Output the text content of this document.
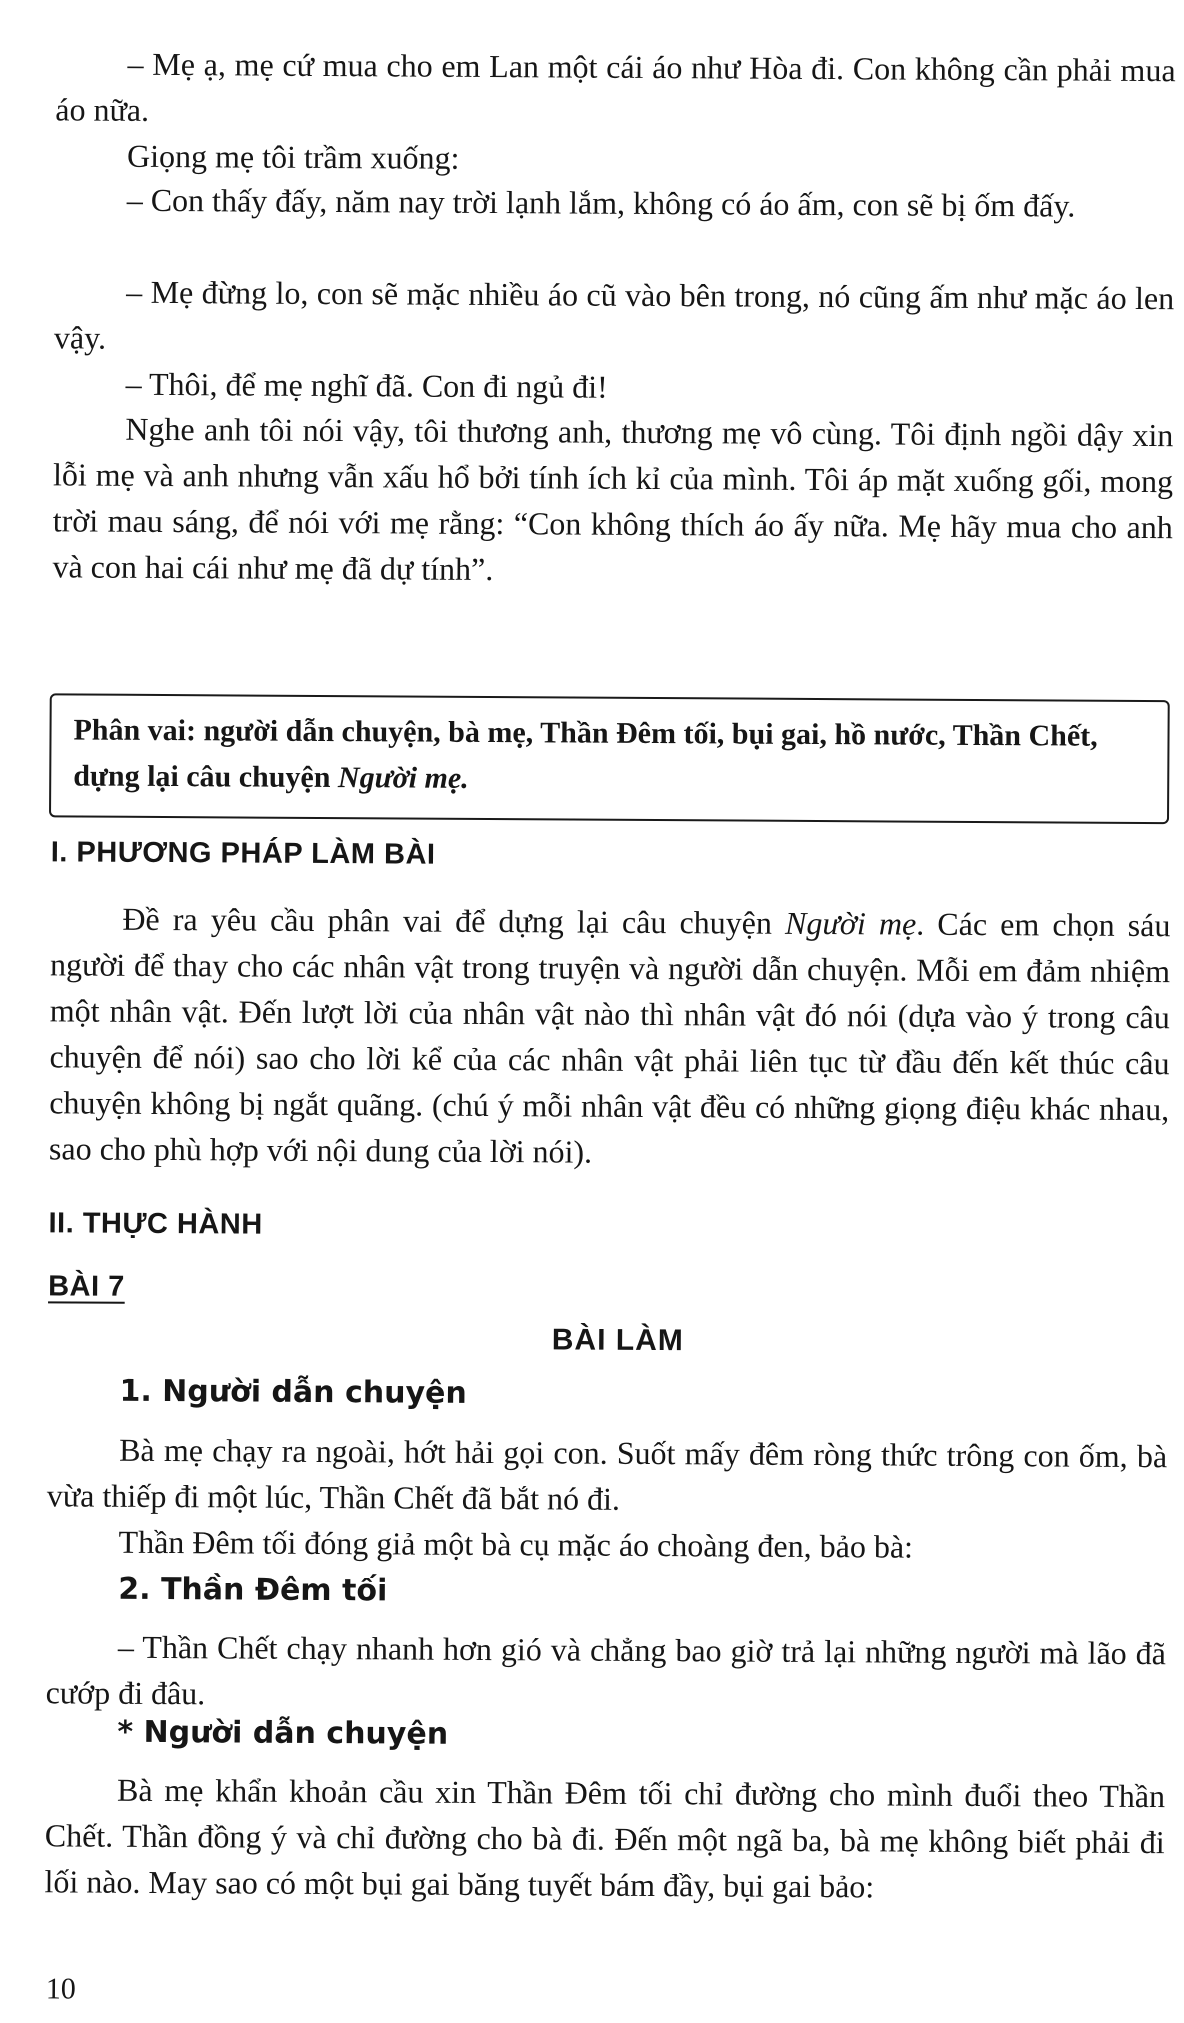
– Mẹ ạ, mẹ cứ mua cho em Lan một cái áo như Hòa đi. Con không cần phải mua áo nữa.

Giọng mẹ tôi trầm xuống:

– Con thấy đấy, năm nay trời lạnh lắm, không có áo ấm, con sẽ bị ốm đấy.

– Mẹ đừng lo, con sẽ mặc nhiều áo cũ vào bên trong, nó cũng ấm như mặc áo len vậy.

– Thôi, để mẹ nghĩ đã. Con đi ngủ đi!

Nghe anh tôi nói vậy, tôi thương anh, thương mẹ vô cùng. Tôi định ngồi dậy xin lỗi mẹ và anh nhưng vẫn xấu hổ bởi tính ích kỉ của mình. Tôi áp mặt xuống gối, mong trời mau sáng, để nói với mẹ rằng: “Con không thích áo ấy nữa. Mẹ hãy mua cho anh và con hai cái như mẹ đã dự tính”.

Phân vai: người dẫn chuyện, bà mẹ, Thần Đêm tối, bụi gai, hồ nước, Thần Chết, dựng lại câu chuyện Người mẹ.

I. PHƯƠNG PHÁP LÀM BÀI

Đề ra yêu cầu phân vai để dựng lại câu chuyện Người mẹ. Các em chọn sáu người để thay cho các nhân vật trong truyện và người dẫn chuyện. Mỗi em đảm nhiệm một nhân vật. Đến lượt lời của nhân vật nào thì nhân vật đó nói (dựa vào ý trong câu chuyện để nói) sao cho lời kể của các nhân vật phải liên tục từ đầu đến kết thúc câu chuyện không bị ngắt quãng. (chú ý mỗi nhân vật đều có những giọng điệu khác nhau, sao cho phù hợp với nội dung của lời nói).

II. THỰC HÀNH
BÀI 7
BÀI LÀM
1. Người dẫn chuyện

Bà mẹ chạy ra ngoài, hớt hải gọi con. Suốt mấy đêm ròng thức trông con ốm, bà vừa thiếp đi một lúc, Thần Chết đã bắt nó đi.

Thần Đêm tối đóng giả một bà cụ mặc áo choàng đen, bảo bà:

2. Thần Đêm tối

– Thần Chết chạy nhanh hơn gió và chẳng bao giờ trả lại những người mà lão đã cướp đi đâu.

* Người dẫn chuyện

Bà mẹ khẩn khoản cầu xin Thần Đêm tối chỉ đường cho mình đuổi theo Thần Chết. Thần đồng ý và chỉ đường cho bà đi. Đến một ngã ba, bà mẹ không biết phải đi lối nào. May sao có một bụi gai băng tuyết bám đầy, bụi gai bảo:

10
